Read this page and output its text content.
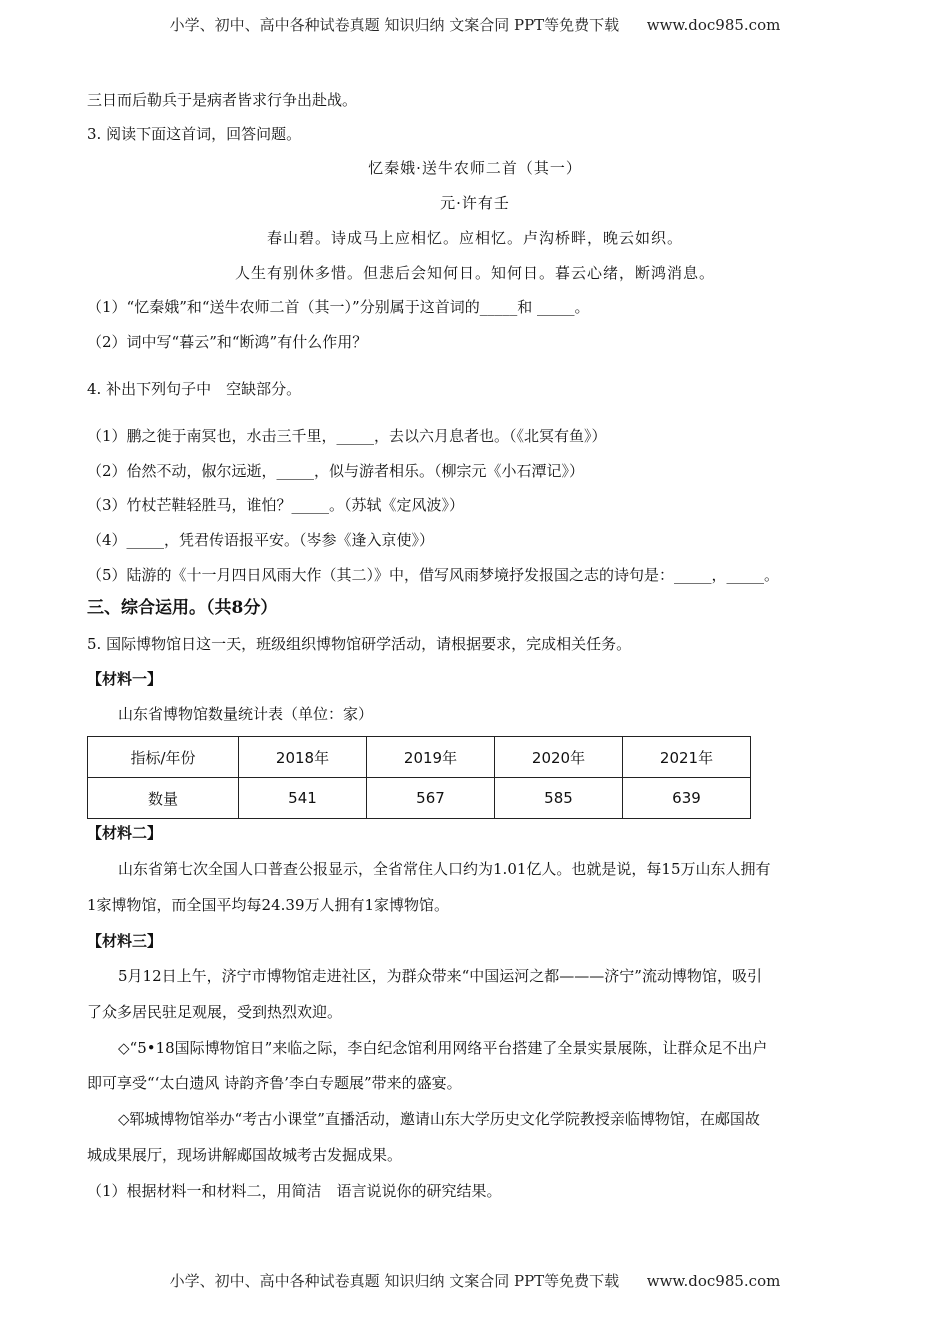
小学、初中、高中各种试卷真题 知识归纳 文案合同 PPT等免费下载 www.doc985.com
三日而后勒兵于是病者皆求行争出赴战。
3. 阅读下面这首词，回答问题。
忆秦娥·送牛农师二首（其一）
元·许有壬
春山碧。诗成马上应相忆。应相忆。卢沟桥畔，晚云如织。
人生有别休多惜。但悲后会知何日。知何日。暮云心绪，断鸿消息。
（1）“忆秦娥”和“送牛农师二首（其一）”分别属于这首词的_____和 _____。
（2）词中写“暮云”和“断鸿”有什么作用？
4. 补出下列句子中　空缺部分。
（1）鹏之徙于南冥也，水击三千里，_____，去以六月息者也。（《北冥有鱼》）
（2）佁然不动，俶尔远逝，_____，似与游者相乐。（柳宗元《小石潭记》）
（3）竹杖芒鞋轻胜马，谁怕？_____。（苏轼《定风波》）
（4）_____，凭君传语报平安。（岑参《逢入京使》）
（5）陆游的《十一月四日风雨大作（其二）》中，借写风雨梦境抒发报国之志的诗句是：_____，_____。
三、综合运用。（共8分）
5. 国际博物馆日这一天，班级组织博物馆研学活动，请根据要求，完成相关任务。
【材料一】
山东省博物馆数量统计表（单位：家）
指标/年份	2018年	2019年	2020年	2021年
数量	541	567	585	639
【材料二】
山东省第七次全国人口普查公报显示，全省常住人口约为1.01亿人。也就是说，每15万山东人拥有
1家博物馆，而全国平均每24.39万人拥有1家博物馆。
【材料三】
5月12日上午，济宁市博物馆走进社区，为群众带来“中国运河之都———济宁”流动博物馆，吸引
了众多居民驻足观展，受到热烈欢迎。
◇“5•18国际博物馆日”来临之际，李白纪念馆利用网络平台搭建了全景实景展陈，让群众足不出户
即可享受“‘太白遗风 诗韵齐鲁’李白专题展”带来的盛宴。
◇郓城博物馆举办“考古小课堂”直播活动，邀请山东大学历史文化学院教授亲临博物馆，在郕国故
城成果展厅，现场讲解郕国故城考古发掘成果。
（1）根据材料一和材料二，用简洁　语言说说你的研究结果。
小学、初中、高中各种试卷真题 知识归纳 文案合同 PPT等免费下载 www.doc985.com
